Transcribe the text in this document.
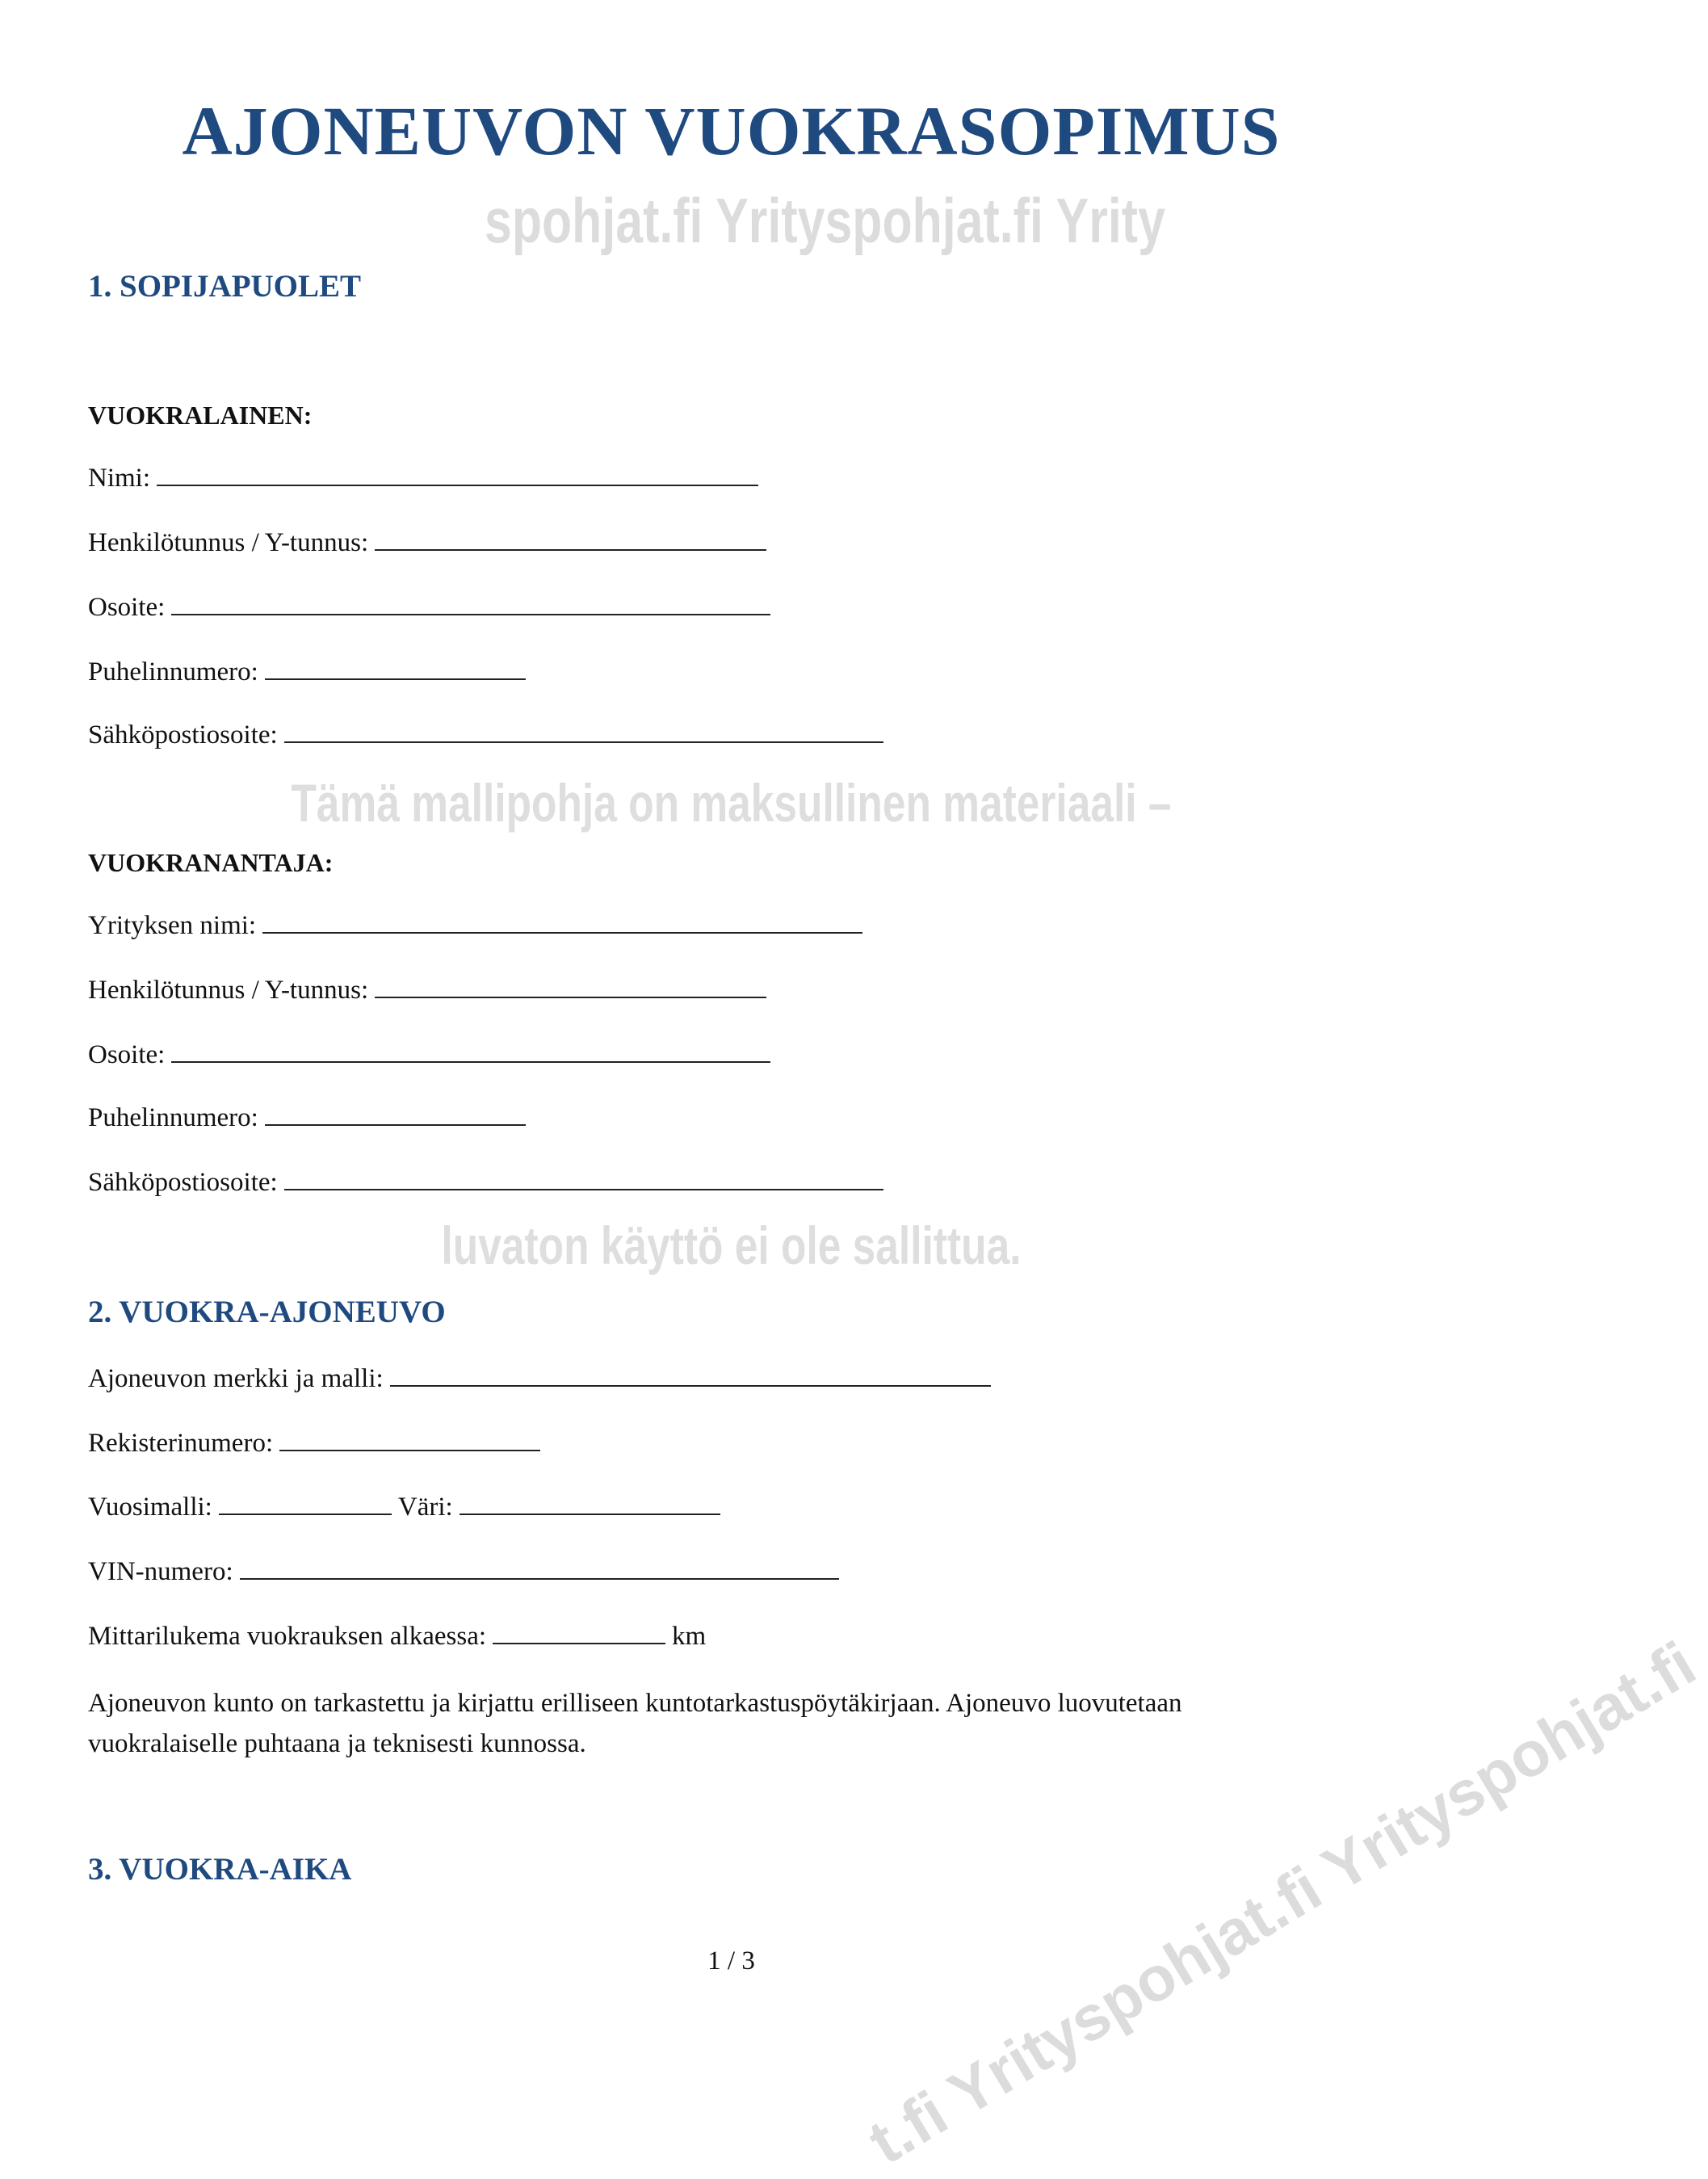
spohjat.fi Yrityspohjat.fi Yrity
t.fi Yrityspohjat.fi Yrityspohjat.fi
AJONEUVON VUOKRASOPIMUS
1. SOPIJAPUOLET
VUOKRALAINEN:
Nimi:
Henkilötunnus / Y-tunnus:
Osoite:
Puhelinnumero:
Sähköpostiosoite:
Tämä mallipohja on maksullinen materiaali –
VUOKRANANTAJA:
Yrityksen nimi:
Henkilötunnus / Y-tunnus:
Osoite:
Puhelinnumero:
Sähköpostiosoite:
luvaton käyttö ei ole sallittua.
2. VUOKRA-AJONEUVO
Ajoneuvon merkki ja malli:
Rekisterinumero:
Vuosimalli:	Väri:
VIN-numero:
Mittarilukema vuokrauksen alkaessa:	km
Ajoneuvon kunto on tarkastettu ja kirjattu erilliseen kuntotarkastuspöytäkirjaan. Ajoneuvo luovutetaan vuokralaiselle puhtaana ja teknisesti kunnossa.
3. VUOKRA-AIKA
1 / 3
